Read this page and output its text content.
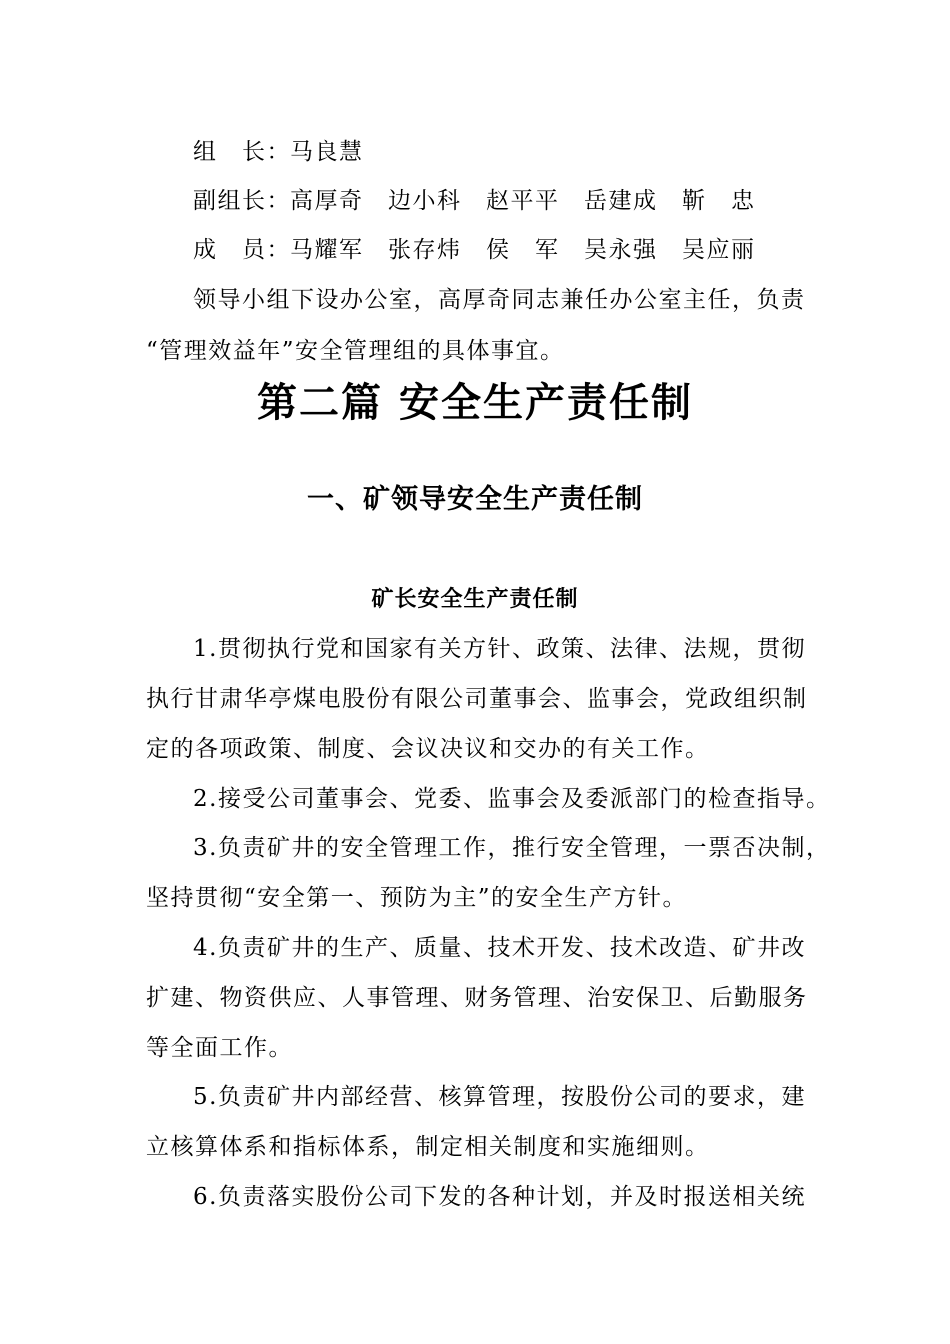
组　长：马良慧
副组长：高厚奇　边小科　赵平平　岳建成　靳　忠
成　员：马耀军　张存炜　侯　军　吴永强　吴应丽
领导小组下设办公室，高厚奇同志兼任办公室主任，负责
“管理效益年”安全管理组的具体事宜。
第二篇 安全生产责任制
一、矿领导安全生产责任制
矿长安全生产责任制
1.贯彻执行党和国家有关方针、政策、法律、法规，贯彻
执行甘肃华亭煤电股份有限公司董事会、监事会，党政组织制
定的各项政策、制度、会议决议和交办的有关工作。
2.接受公司董事会、党委、监事会及委派部门的检查指导。
3.负责矿井的安全管理工作，推行安全管理，一票否决制，
坚持贯彻“安全第一、预防为主”的安全生产方针。
4.负责矿井的生产、质量、技术开发、技术改造、矿井改
扩建、物资供应、人事管理、财务管理、治安保卫、后勤服务
等全面工作。
5.负责矿井内部经营、核算管理，按股份公司的要求，建
立核算体系和指标体系，制定相关制度和实施细则。
6.负责落实股份公司下发的各种计划，并及时报送相关统
